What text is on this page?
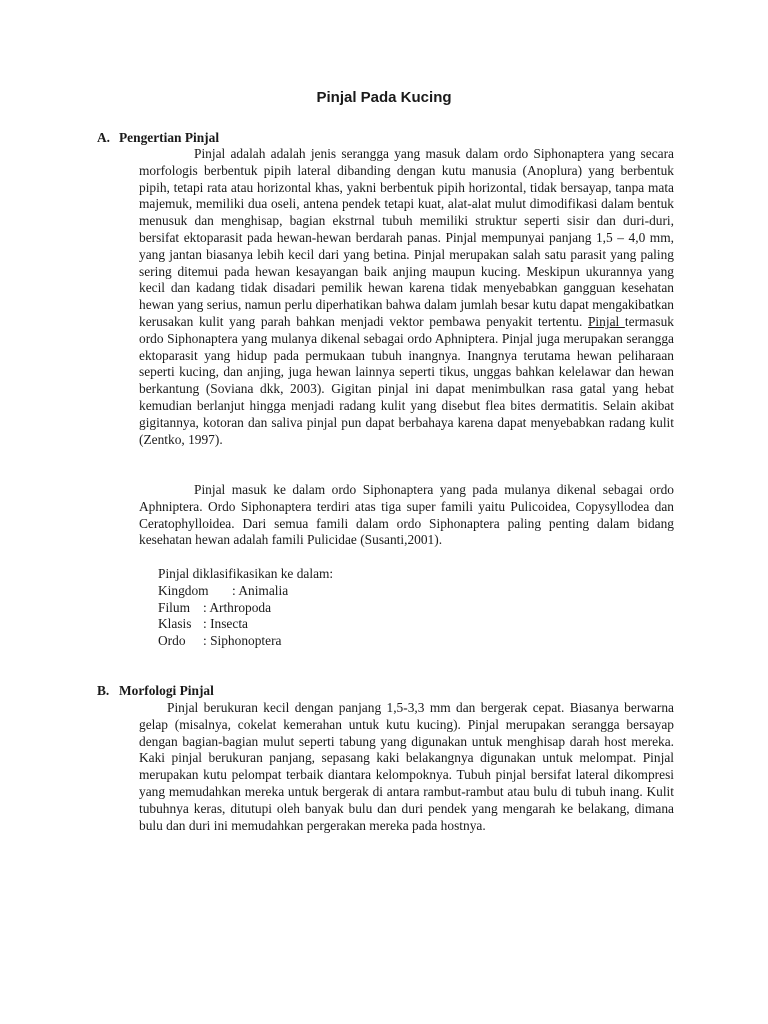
Pinjal Pada Kucing
A. Pengertian Pinjal

Pinjal adalah adalah jenis serangga yang masuk dalam ordo Siphonaptera yang secara morfologis berbentuk pipih lateral dibanding dengan kutu manusia (Anoplura) yang berbentuk pipih, tetapi rata atau horizontal khas, yakni berbentuk pipih horizontal, tidak bersayap, tanpa mata majemuk, memiliki dua oseli, antena pendek tetapi kuat, alat-alat mulut dimodifikasi dalam bentuk menusuk dan menghisap, bagian ekstrnal tubuh memiliki struktur seperti sisir dan duri-duri, bersifat ektoparasit pada hewan-hewan berdarah panas. Pinjal mempunyai panjang 1,5 – 4,0 mm, yang jantan biasanya lebih kecil dari yang betina. Pinjal merupakan salah satu parasit yang paling sering ditemui pada hewan kesayangan baik anjing maupun kucing. Meskipun ukurannya yang kecil dan kadang tidak disadari pemilik hewan karena tidak menyebabkan gangguan kesehatan hewan yang serius, namun perlu diperhatikan bahwa dalam jumlah besar kutu dapat mengakibatkan kerusakan kulit yang parah bahkan menjadi vektor pembawa penyakit tertentu. Pinjal termasuk ordo Siphonaptera yang mulanya dikenal sebagai ordo Aphniptera. Pinjal juga merupakan serangga ektoparasit yang hidup pada permukaan tubuh inangnya. Inangnya terutama hewan peliharaan seperti kucing, dan anjing, juga hewan lainnya seperti tikus, unggas bahkan kelelawar dan hewan berkantung (Soviana dkk, 2003). Gigitan pinjal ini dapat menimbulkan rasa gatal yang hebat kemudian berlanjut hingga menjadi radang kulit yang disebut flea bites dermatitis. Selain akibat gigitannya, kotoran dan saliva pinjal pun dapat berbahaya karena dapat menyebabkan radang kulit (Zentko, 1997).

Pinjal masuk ke dalam ordo Siphonaptera yang pada mulanya dikenal sebagai ordo Aphniptera. Ordo Siphonaptera terdiri atas tiga super famili yaitu Pulicoidea, Copysyllodea dan Ceratophylloidea. Dari semua famili dalam ordo Siphonaptera paling penting dalam bidang kesehatan hewan adalah famili Pulicidae (Susanti,2001).

Pinjal diklasifikasikan ke dalam:
Kingdom	: Animalia
Filum : Arthropoda
Klasis : Insecta
Ordo	: Siphonoptera
B. Morfologi Pinjal

Pinjal berukuran kecil dengan panjang 1,5-3,3 mm dan bergerak cepat. Biasanya berwarna gelap (misalnya, cokelat kemerahan untuk kutu kucing). Pinjal merupakan serangga bersayap dengan bagian-bagian mulut seperti tabung yang digunakan untuk menghisap darah host mereka. Kaki pinjal berukuran panjang, sepasang kaki belakangnya digunakan untuk melompat. Pinjal merupakan kutu pelompat terbaik diantara kelompoknya. Tubuh pinjal bersifat lateral dikompresi yang memudahkan mereka untuk bergerak di antara rambut-rambut atau bulu di tubuh inang. Kulit tubuhnya keras, ditutupi oleh banyak bulu dan duri pendek yang mengarah ke belakang, dimana bulu dan duri ini memudahkan pergerakan mereka pada hostnya.
